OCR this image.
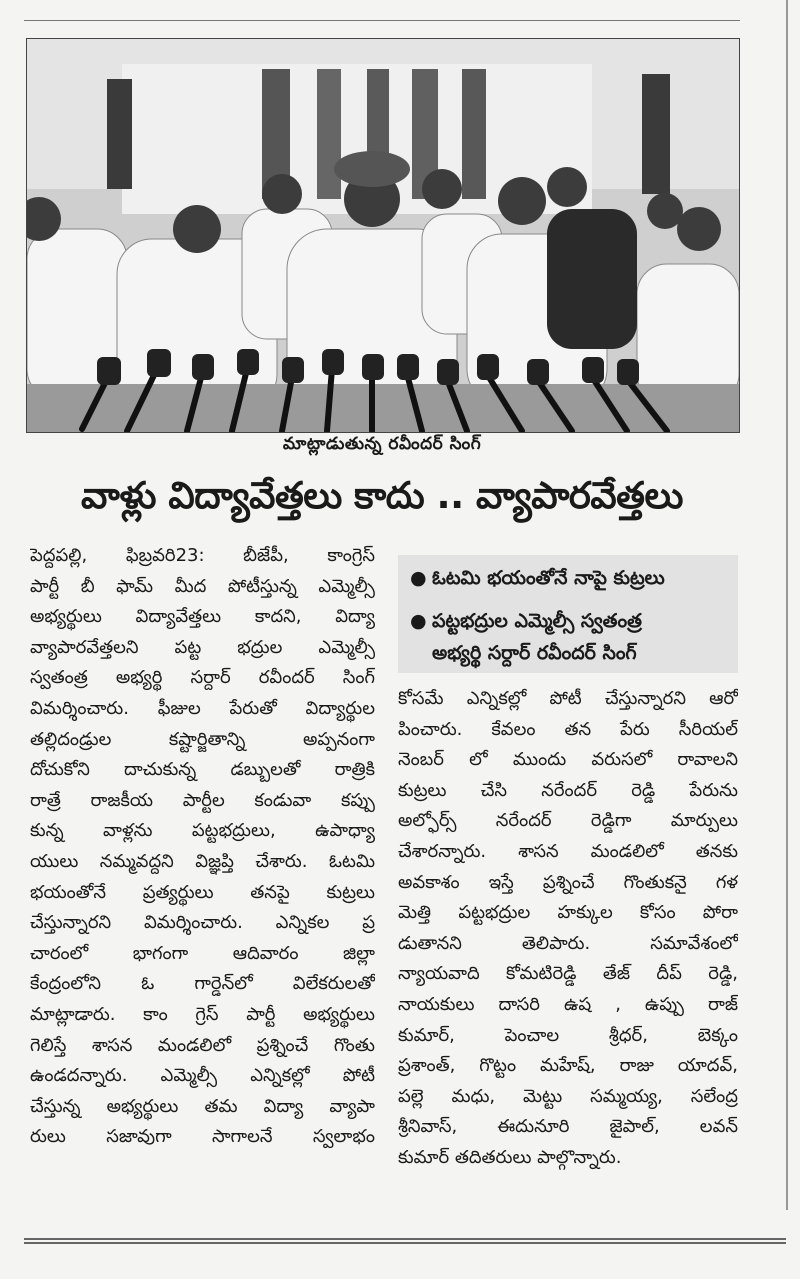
మాట్లాడుతున్న రవీందర్ సింగ్
వాళ్లు విద్యావేత్తలు కాదు .. వ్యాపారవేత్తలు

పెద్దపల్లి, ఫిబ్రవరి23: బీజేపీ, కాంగ్రెస్

పార్టీ బీ ఫామ్ మీద పోటీస్తున్న ఎమ్మెల్సీ

అభ్యర్థులు విద్యావేత్తలు కాదని, విద్యా

వ్యాపారవేత్తలని పట్ట భద్రుల ఎమ్మెల్సీ

స్వతంత్ర అభ్యర్థి సర్దార్ రవీందర్ సింగ్

విమర్శించారు. ఫీజుల పేరుతో విద్యార్థుల

తల్లిదండ్రుల కష్టార్జితాన్ని అప్పనంగా

దోచుకోని దాచుకున్న డబ్బులతో రాత్రికి

రాత్రే రాజకీయ పార్టీల కండువా కప్పు

కున్న వాళ్లను పట్టభద్రులు, ఉపాధ్యా

యులు నమ్మవద్దని విజ్ఞప్తి చేశారు. ఓటమి

భయంతోనే ప్రత్యర్థులు తనపై కుట్రలు

చేస్తున్నారని విమర్శించారు. ఎన్నికల ప్ర

చారంలో భాగంగా ఆదివారం జిల్లా

కేంద్రంలోని ఓ గార్డెన్‌లో విలేకరులతో

మాట్లాడారు. కాం గ్రెస్ పార్టీ అభ్యర్థులు

గెలిస్తే శాసన మండలిలో ప్రశ్నించే గొంతు

ఉండదన్నారు. ఎమ్మెల్సీ ఎన్నికల్లో పోటీ

చేస్తున్న అభ్యర్థులు తమ విద్యా వ్యాపా

రులు సజావుగా సాగాలనే స్వలాభం

● ఓటమి భయంతోనే నాపై కుట్రలు
● పట్టభద్రుల ఎమ్మెల్సీ స్వతంత్ర
అభ్యర్థి సర్దార్ రవీందర్ సింగ్

కోసమే ఎన్నికల్లో పోటీ చేస్తున్నారని ఆరో

పించారు. కేవలం తన పేరు సీరియల్

నెంబర్ లో ముందు వరుసలో రావాలని

కుట్రలు చేసి నరేందర్ రెడ్డి పేరును

అల్ఫోర్స్ నరేందర్ రెడ్డిగా మార్పులు

చేశారన్నారు. శాసన మండలిలో తనకు

అవకాశం ఇస్తే ప్రశ్నించే గొంతుకనై గళ

మెత్తి పట్టభద్రుల హక్కుల కోసం పోరా

డుతానని తెలిపారు. సమావేశంలో

న్యాయవాది కోమటిరెడ్డి తేజ్ దీప్ రెడ్డి,

నాయకులు దాసరి ఉష , ఉప్పు రాజ్

కుమార్, పెంచాల శ్రీధర్, బెక్కం

ప్రశాంత్, గొట్టం మహేష్, రాజు యాదవ్,

పల్లె మధు, మెట్టు సమ్మయ్య, సలేంద్ర

శ్రీనివాస్, ఈదునూరి జైపాల్, లవన్

కుమార్ తదితరులు పాల్గొన్నారు.
